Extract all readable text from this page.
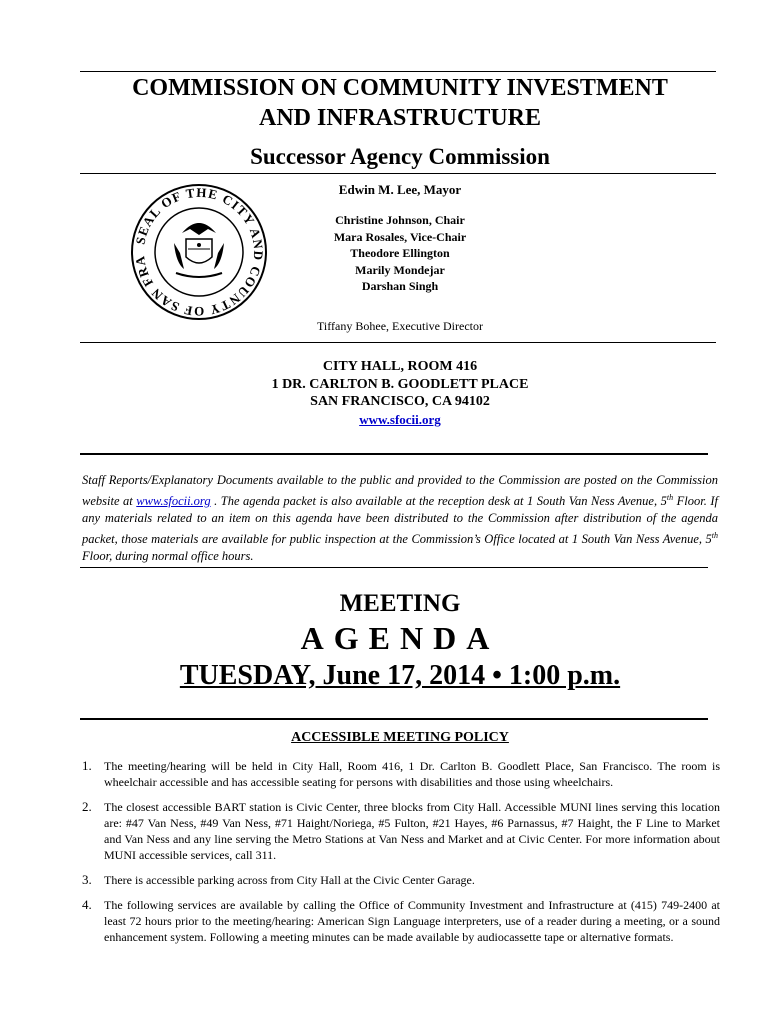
COMMISSION ON COMMUNITY INVESTMENT
AND INFRASTRUCTURE
Successor Agency Commission
SEAL OF THE CITY AND COUNTY OF SAN FRA
Edwin M. Lee, Mayor
Christine Johnson, Chair
Mara Rosales, Vice-Chair
Theodore Ellington
Marily Mondejar
Darshan Singh
Tiffany Bohee, Executive Director
CITY HALL, ROOM 416
1 DR. CARLTON B. GOODLETT PLACE
SAN FRANCISCO, CA 94102
www.sfocii.org
Staff Reports/Explanatory Documents available to the public and provided to the Commission are posted on the Commission website at www.sfocii.org . The agenda packet is also available at the reception desk at 1 South Van Ness Avenue, 5th Floor. If any materials related to an item on this agenda have been distributed to the Commission after distribution of the agenda packet, those materials are available for public inspection at the Commission’s Office located at 1 South Van Ness Avenue, 5th Floor, during normal office hours.
MEETING
AGENDA
TUESDAY, June 17, 2014 • 1:00 p.m.
ACCESSIBLE MEETING POLICY
1.	The meeting/hearing will be held in City Hall, Room 416, 1 Dr. Carlton B. Goodlett Place, San Francisco. The room is wheelchair accessible and has accessible seating for persons with disabilities and those using wheelchairs.
2.	The closest accessible BART station is Civic Center, three blocks from City Hall. Accessible MUNI lines serving this location are: #47 Van Ness, #49 Van Ness, #71 Haight/Noriega, #5 Fulton, #21 Hayes, #6 Parnassus, #7 Haight, the F Line to Market and Van Ness and any line serving the Metro Stations at Van Ness and Market and at Civic Center. For more information about MUNI accessible services, call 311.
3.	There is accessible parking across from City Hall at the Civic Center Garage.
4.	The following services are available by calling the Office of Community Investment and Infrastructure at (415) 749-2400 at least 72 hours prior to the meeting/hearing: American Sign Language interpreters, use of a reader during a meeting, or a sound enhancement system. Following a meeting minutes can be made available by audiocassette tape or alternative formats.
